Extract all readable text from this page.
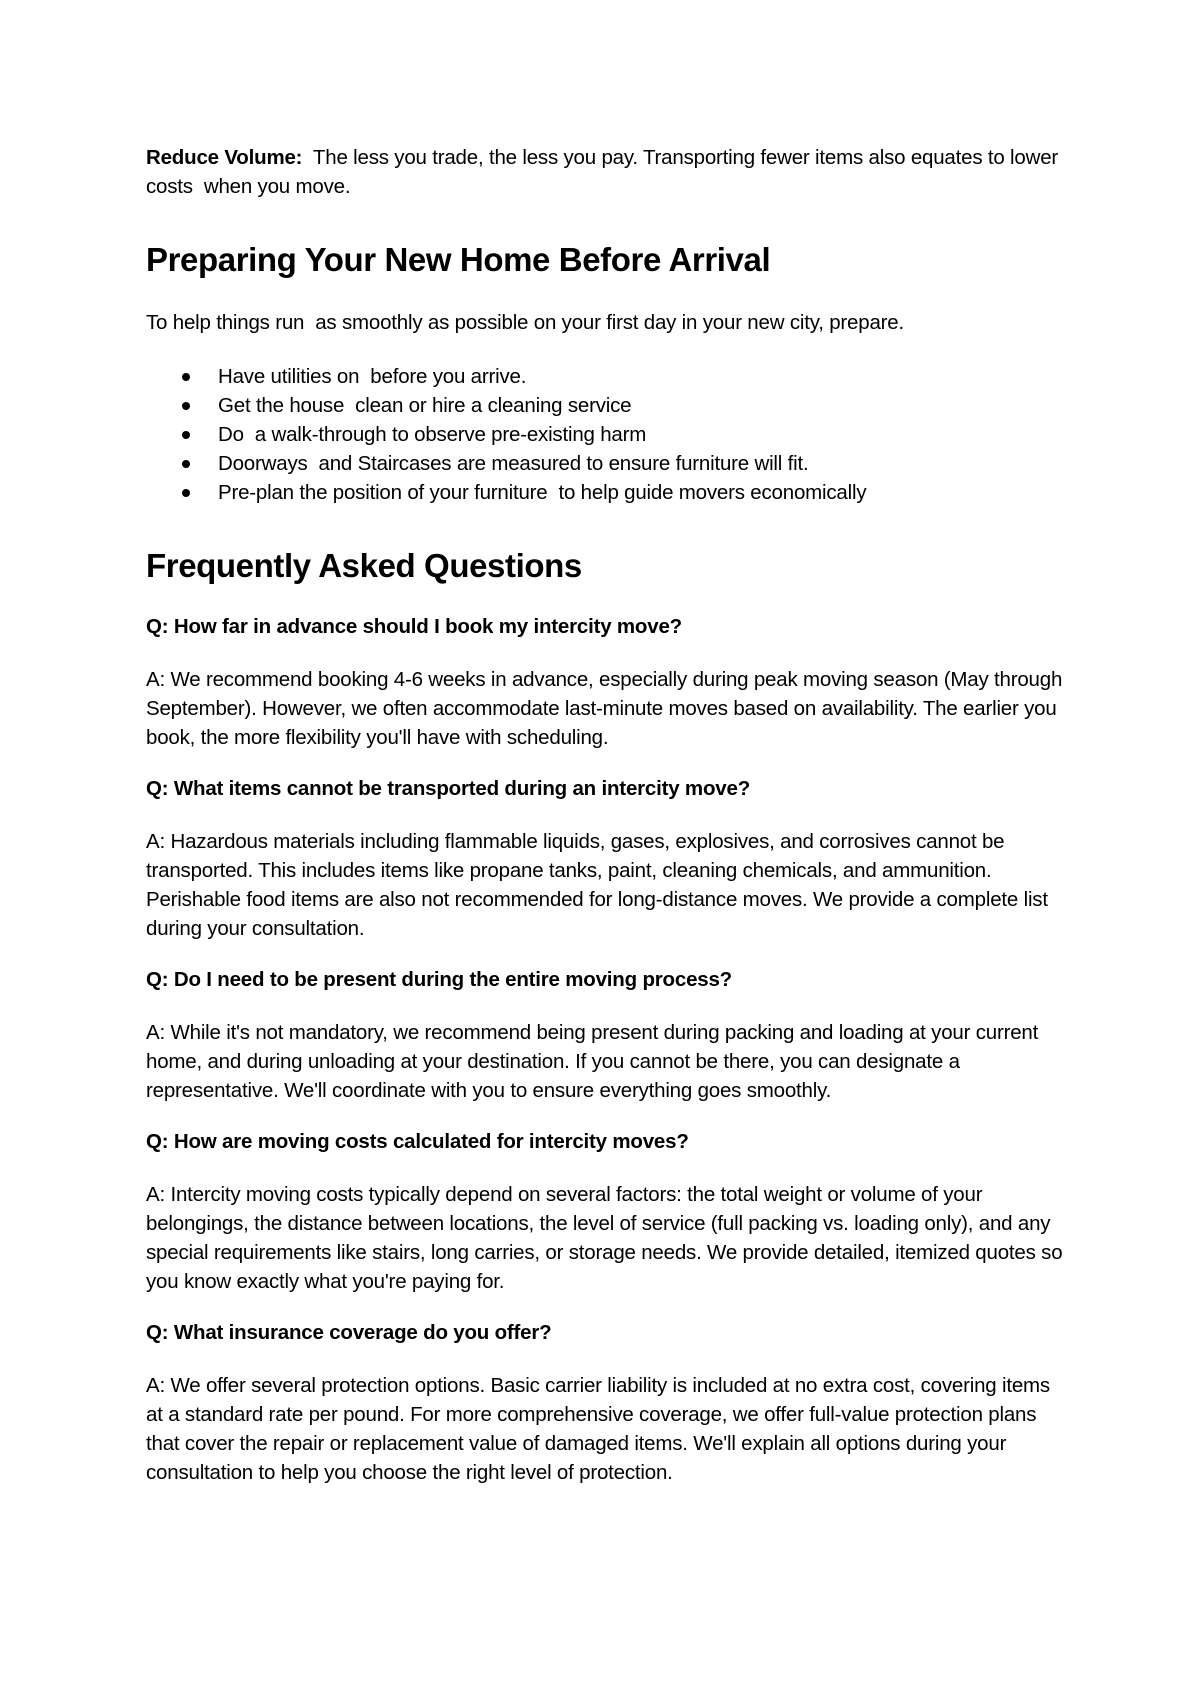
Reduce Volume:  The less you trade, the less you pay. Transporting fewer items also equates to lower costs  when you move.

Preparing Your New Home Before Arrival

To help things run  as smoothly as possible on your first day in your new city, prepare.

Have utilities on  before you arrive.
Get the house  clean or hire a cleaning service
Do  a walk-through to observe pre-existing harm
Doorways  and Staircases are measured to ensure furniture will fit.
Pre-plan the position of your furniture  to help guide movers economically
Frequently Asked Questions

Q: How far in advance should I book my intercity move?

A: We recommend booking 4-6 weeks in advance, especially during peak moving season (May through September). However, we often accommodate last-minute moves based on availability. The earlier you book, the more flexibility you'll have with scheduling.

Q: What items cannot be transported during an intercity move?

A: Hazardous materials including flammable liquids, gases, explosives, and corrosives cannot be transported. This includes items like propane tanks, paint, cleaning chemicals, and ammunition. Perishable food items are also not recommended for long-distance moves. We provide a complete list during your consultation.

Q: Do I need to be present during the entire moving process?

A: While it's not mandatory, we recommend being present during packing and loading at your current home, and during unloading at your destination. If you cannot be there, you can designate a representative. We'll coordinate with you to ensure everything goes smoothly.

Q: How are moving costs calculated for intercity moves?

A: Intercity moving costs typically depend on several factors: the total weight or volume of your belongings, the distance between locations, the level of service (full packing vs. loading only), and any special requirements like stairs, long carries, or storage needs. We provide detailed, itemized quotes so you know exactly what you're paying for.

Q: What insurance coverage do you offer?

A: We offer several protection options. Basic carrier liability is included at no extra cost, covering items at a standard rate per pound. For more comprehensive coverage, we offer full-value protection plans that cover the repair or replacement value of damaged items. We'll explain all options during your consultation to help you choose the right level of protection.
